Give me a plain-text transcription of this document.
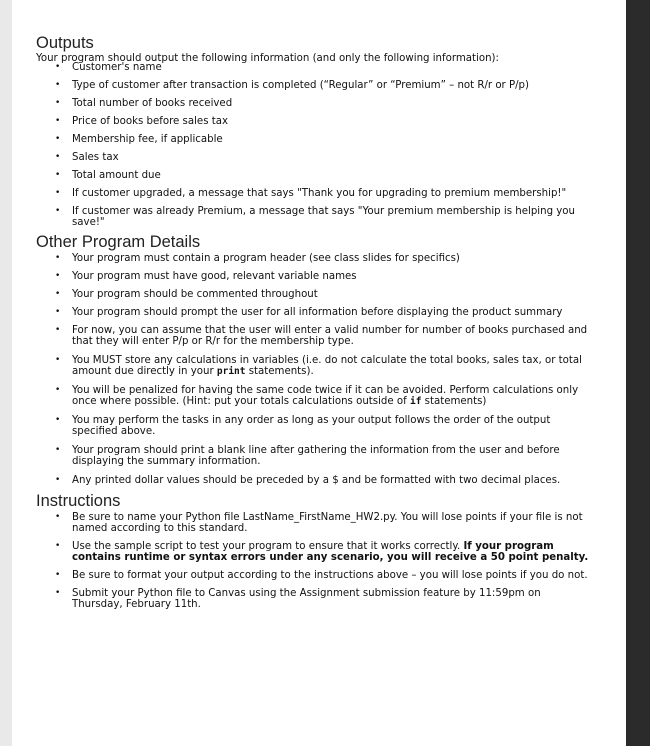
Outputs

Your program should output the following information (and only the following information):

• Customer's name
• Type of customer after transaction is completed (“Regular” or “Premium” – not R/r or P/p)
• Total number of books received
• Price of books before sales tax
• Membership fee, if applicable
• Sales tax
• Total amount due
• If customer upgraded, a message that says "Thank you for upgrading to premium membership!"
• If customer was already Premium, a message that says "Your premium membership is helping you save!"
Other Program Details
• Your program must contain a program header (see class slides for specifics)
• Your program must have good, relevant variable names
• Your program should be commented throughout
• Your program should prompt the user for all information before displaying the product summary
• For now, you can assume that the user will enter a valid number for number of books purchased and that they will enter P/p or R/r for the membership type.
• You MUST store any calculations in variables (i.e. do not calculate the total books, sales tax, or total amount due directly in your print statements).
• You will be penalized for having the same code twice if it can be avoided. Perform calculations only once where possible. (Hint: put your totals calculations outside of if statements)
• You may perform the tasks in any order as long as your output follows the order of the output specified above.
• Your program should print a blank line after gathering the information from the user and before displaying the summary information.
• Any printed dollar values should be preceded by a $ and be formatted with two decimal places.
Instructions
• Be sure to name your Python file LastName_FirstName_HW2.py. You will lose points if your file is not named according to this standard.
• Use the sample script to test your program to ensure that it works correctly. If your program contains runtime or syntax errors under any scenario, you will receive a 50 point penalty.
• Be sure to format your output according to the instructions above – you will lose points if you do not.
• Submit your Python file to Canvas using the Assignment submission feature by 11:59pm on Thursday, February 11th.
